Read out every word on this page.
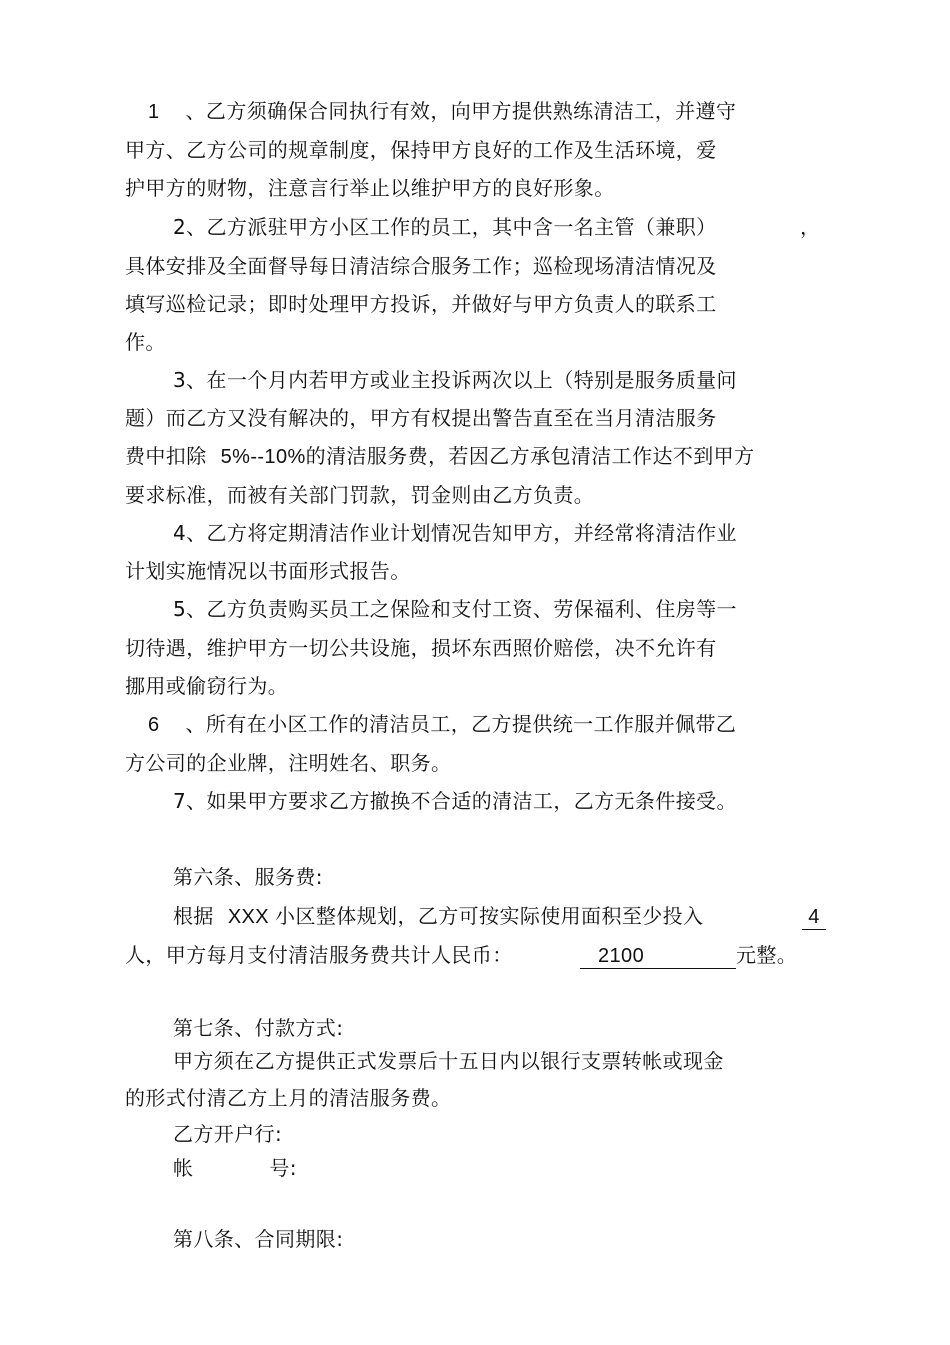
1 、乙方须确保合同执行有效，向甲方提供熟练清洁工，并遵守
甲方、乙方公司的规章制度，保持甲方良好的工作及生活环境，爱
护甲方的财物，注意言行举止以维护甲方的良好形象。
2、乙方派驻甲方小区工作的员工，其中含一名主管（兼职）	，
具体安排及全面督导每日清洁综合服务工作；巡检现场清洁情况及
填写巡检记录；即时处理甲方投诉，并做好与甲方负责人的联系工
作。
3、在一个月内若甲方或业主投诉两次以上（特别是服务质量问
题）而乙方又没有解决的，甲方有权提出警告直至在当月清洁服务
费中扣除 5%--10%的清洁服务费，若因乙方承包清洁工作达不到甲方
要求标准，而被有关部门罚款，罚金则由乙方负责。
4、乙方将定期清洁作业计划情况告知甲方，并经常将清洁作业
计划实施情况以书面形式报告。
5、乙方负责购买员工之保险和支付工资、劳保福利、住房等一
切待遇，维护甲方一切公共设施，损坏东西照价赔偿，决不允许有
挪用或偷窃行为。
6 、所有在小区工作的清洁员工，乙方提供统一工作服并佩带乙
方公司的企业牌，注明姓名、职务。
7、如果甲方要求乙方撤换不合适的清洁工，乙方无条件接受。
第六条、服务费:
根据 XXX 小区整体规划，乙方可按实际使用面积至少投入	4
人，甲方每月支付清洁服务费共计人民币：	2100	元整。
第七条、付款方式:
甲方须在乙方提供正式发票后十五日内以银行支票转帐或现金
的形式付清乙方上月的清洁服务费。
乙方开户行:
帐	号:
第八条、合同期限:
